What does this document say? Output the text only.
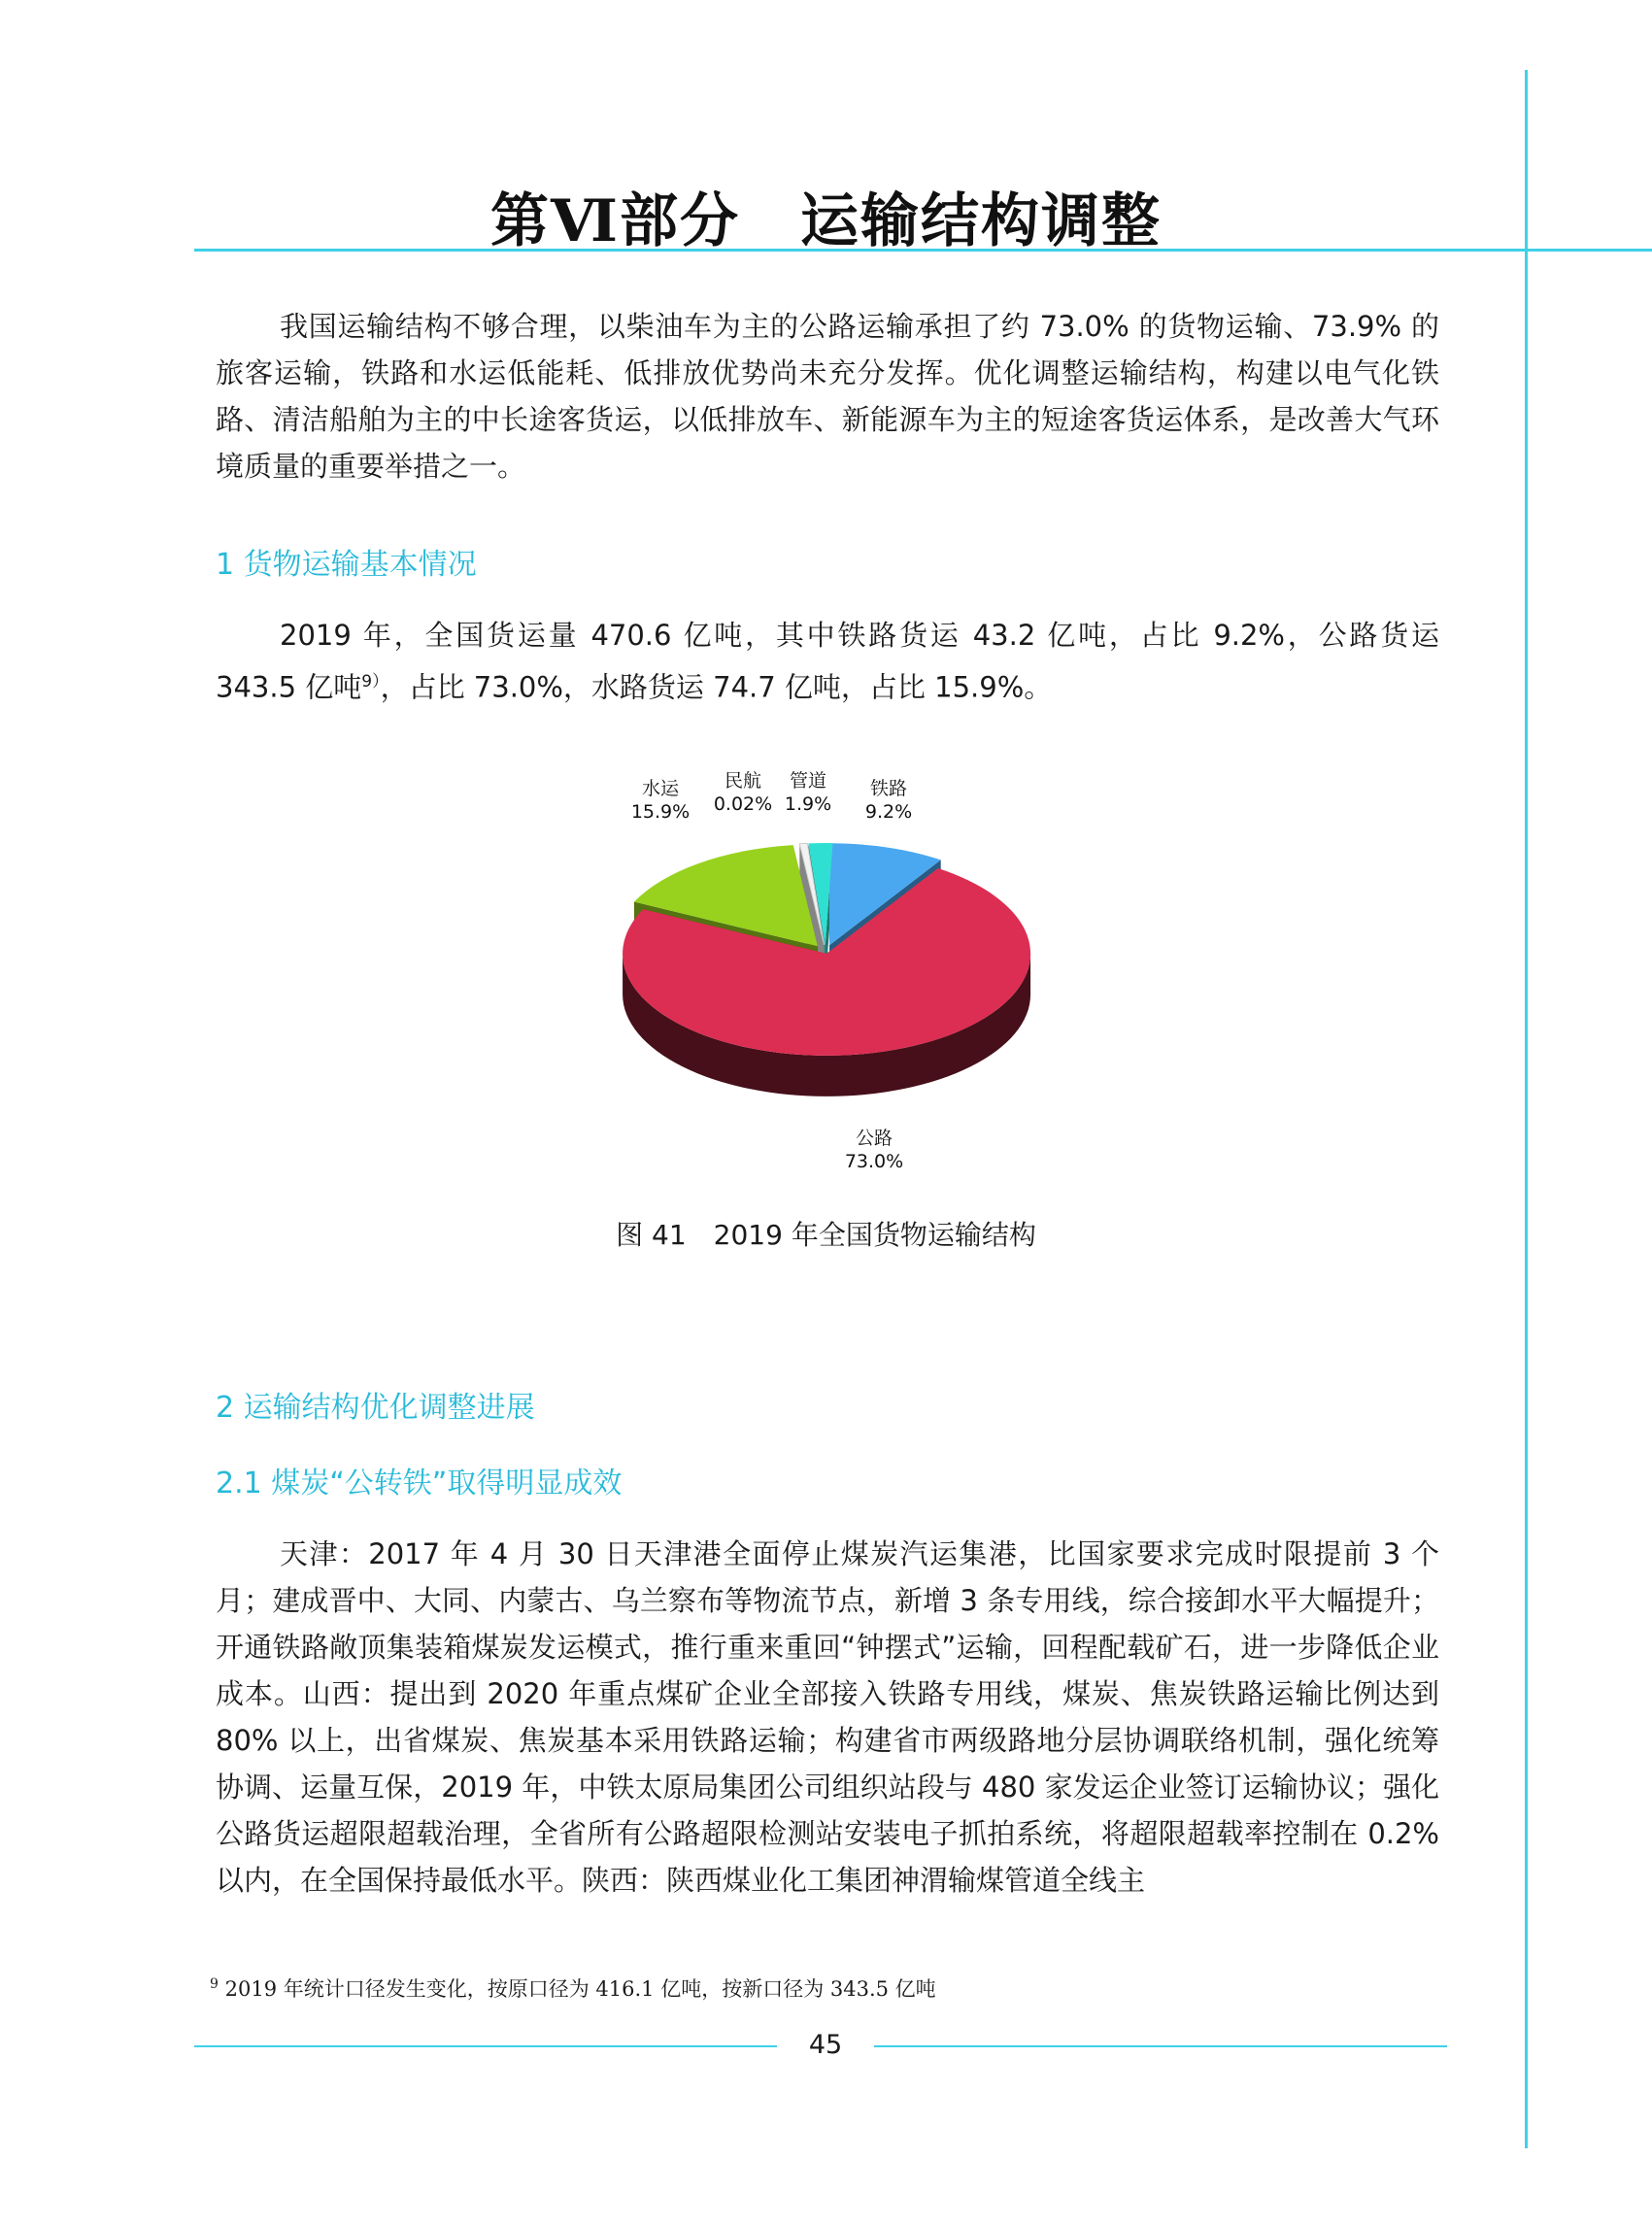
第Ⅵ部分　运输结构调整

我国运输结构不够合理，以柴油车为主的公路运输承担了约 73.0% 的货物运输、73.9% 的旅客运输，铁路和水运低能耗、低排放优势尚未充分发挥。优化调整运输结构，构建以电气化铁路、清洁船舶为主的中长途客货运，以低排放车、新能源车为主的短途客货运体系，是改善大气环境质量的重要举措之一。

1 货物运输基本情况

2019 年，全国货运量 470.6 亿吨，其中铁路货运 43.2 亿吨，占比 9.2%，公路货运 343.5 亿吨$^{9)}$，占比 73.0%，水路货运 74.7 亿吨，占比 15.9%。

铁路
9.2%
公路
73.0%
水运
15.9%
民航
0.02%
管道
1.9%
图 41　2019 年全国货物运输结构
2 运输结构优化调整进展
2.1 煤炭“公转铁”取得明显成效

天津：2017 年 4 月 30 日天津港全面停止煤炭汽运集港，比国家要求完成时限提前 3 个月；建成晋中、大同、内蒙古、乌兰察布等物流节点，新增 3 条专用线，综合接卸水平大幅提升；开通铁路敞顶集装箱煤炭发运模式，推行重来重回“钟摆式”运输，回程配载矿石，进一步降低企业成本。山西：提出到 2020 年重点煤矿企业全部接入铁路专用线，煤炭、焦炭铁路运输比例达到 80% 以上，出省煤炭、焦炭基本采用铁路运输；构建省市两级路地分层协调联络机制，强化统筹协调、运量互保，2019 年，中铁太原局集团公司组织站段与 480 家发运企业签订运输协议；强化公路货运超限超载治理，全省所有公路超限检测站安装电子抓拍系统，将超限超载率控制在 0.2% 以内，在全国保持最低水平。陕西：陕西煤业化工集团神渭输煤管道全线主

$^9$ 2019 年统计口径发生变化，按原口径为 416.1 亿吨，按新口径为 343.5 亿吨
45
